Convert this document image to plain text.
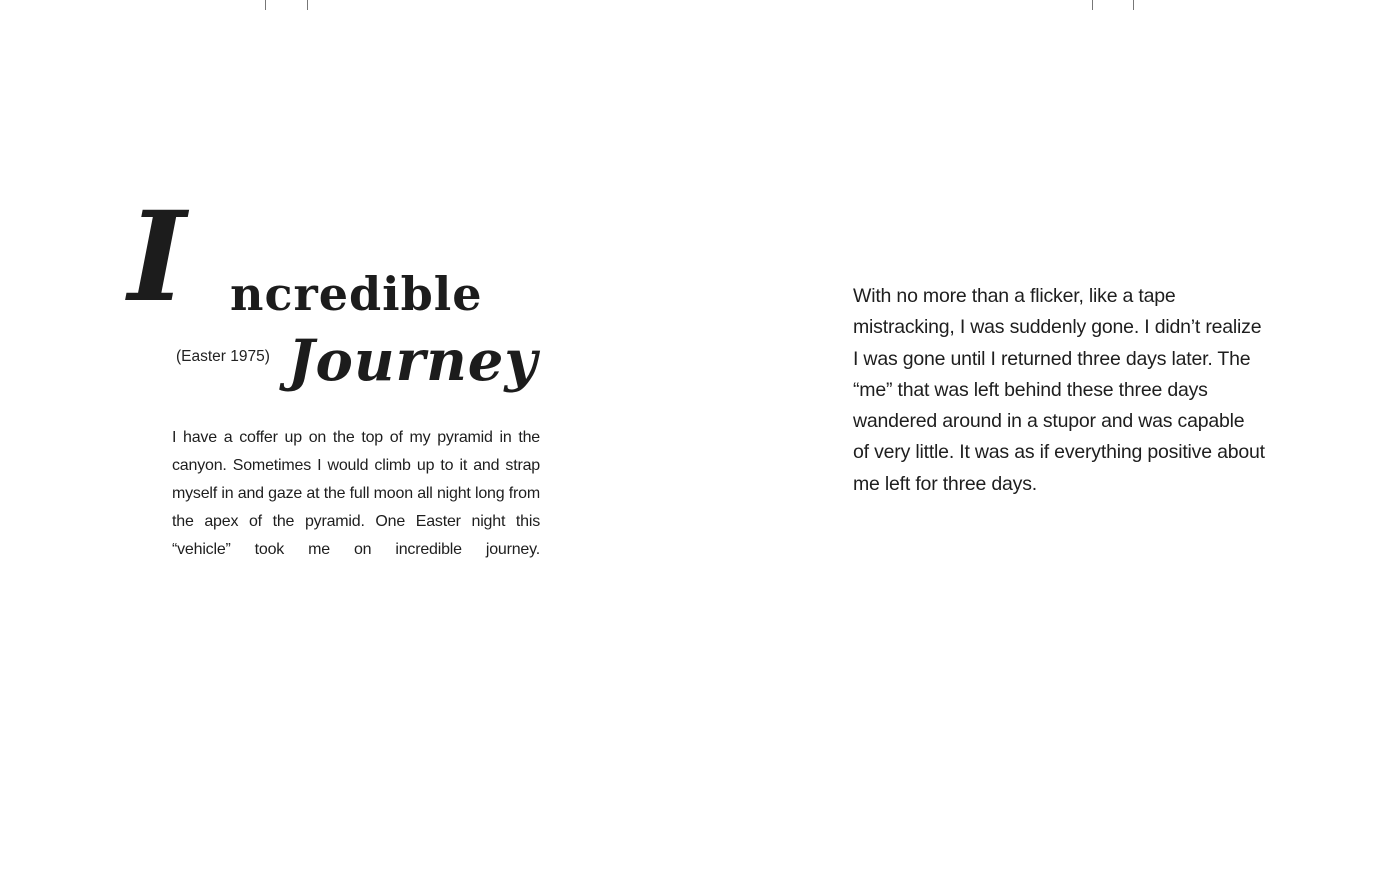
I ncredible
Journey
(Easter 1975)
I have a coffer up on the top of my pyramid in the canyon. Sometimes I would climb up to it and strap myself in and gaze at the full moon all night long from the apex of the pyramid. One Easter night this “vehicle” took me on incredible journey.
With no more than a flicker, like a tape mistracking, I was suddenly gone. I didn’t realize I was gone until I returned three days later. The “me” that was left behind these three days wandered around in a stupor and was capable of very little. It was as if everything positive about me left for three days.
